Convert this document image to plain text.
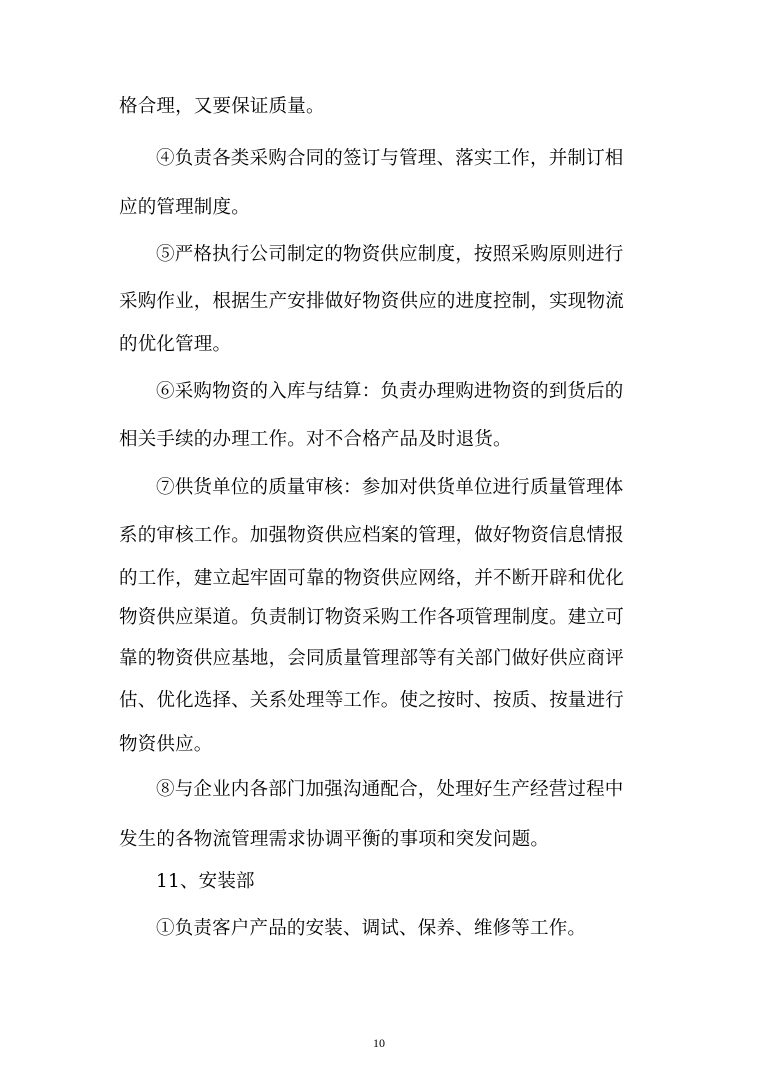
格合理，又要保证质量。
④负责各类采购合同的签订与管理、落实工作，并制订相
应的管理制度。
⑤严格执行公司制定的物资供应制度，按照采购原则进行
采购作业，根据生产安排做好物资供应的进度控制，实现物流
的优化管理。
⑥采购物资的入库与结算：负责办理购进物资的到货后的
相关手续的办理工作。对不合格产品及时退货。
⑦供货单位的质量审核：参加对供货单位进行质量管理体
系的审核工作。加强物资供应档案的管理，做好物资信息情报
的工作，建立起牢固可靠的物资供应网络，并不断开辟和优化
物资供应渠道。负责制订物资采购工作各项管理制度。建立可
靠的物资供应基地，会同质量管理部等有关部门做好供应商评
估、优化选择、关系处理等工作。使之按时、按质、按量进行
物资供应。
⑧与企业内各部门加强沟通配合，处理好生产经营过程中
发生的各物流管理需求协调平衡的事项和突发问题。
11、安装部
①负责客户产品的安装、调试、保养、维修等工作。
10
